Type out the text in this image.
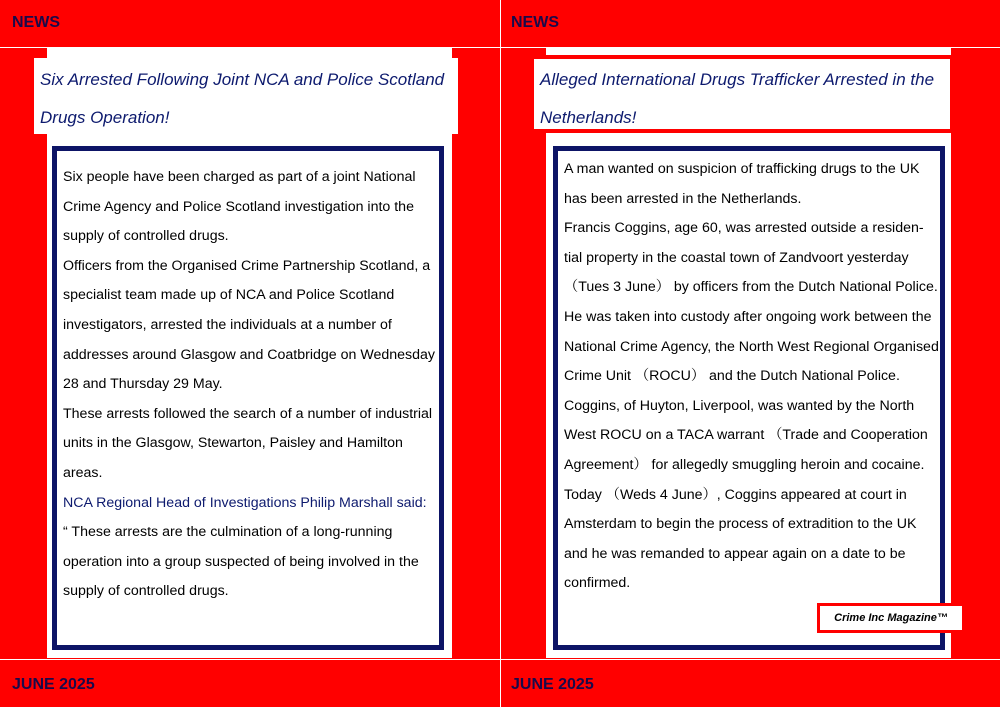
NEWS
Six Arrested Following Joint NCA and Police Scotland Drugs Operation!

Six people have been charged as part of a joint National Crime Agency and Police Scotland investigation into the supply of controlled drugs.

Officers from the Organised Crime Partnership Scotland, a specialist team made up of NCA and Police Scotland investigators, arrested the individuals at a number of addresses around Glasgow and Coatbridge on Wednesday 28 and Thursday 29 May.

These arrests followed the search of a number of industrial units in the Glasgow, Stewarton, Paisley and Hamilton areas.

NCA Regional Head of Investigations Philip Marshall said:

“ These arrests are the culmination of a long-running operation into a group suspected of being involved in the supply of controlled drugs.

JUNE 2025
NEWS
Alleged International Drugs Trafficker Arrested in the Netherlands!

A man wanted on suspicion of trafficking drugs to the UK has been arrested in the Netherlands.

Francis Coggins, age 60, was arrested outside a residen-tial property in the coastal town of Zandvoort yesterday （Tues 3 June） by officers from the Dutch National Police. He was taken into custody after ongoing work between the National Crime Agency, the North West Regional Organised Crime Unit （ROCU） and the Dutch National Police.

Coggins, of Huyton, Liverpool, was wanted by the North West ROCU on a TACA warrant （Trade and Cooperation Agreement） for allegedly smuggling heroin and cocaine. Today （Weds 4 June）, Coggins appeared at court in Amsterdam to begin the process of extradition to the UK and he was remanded to appear again on a date to be confirmed.

Crime Inc Magazine™
JUNE 2025
